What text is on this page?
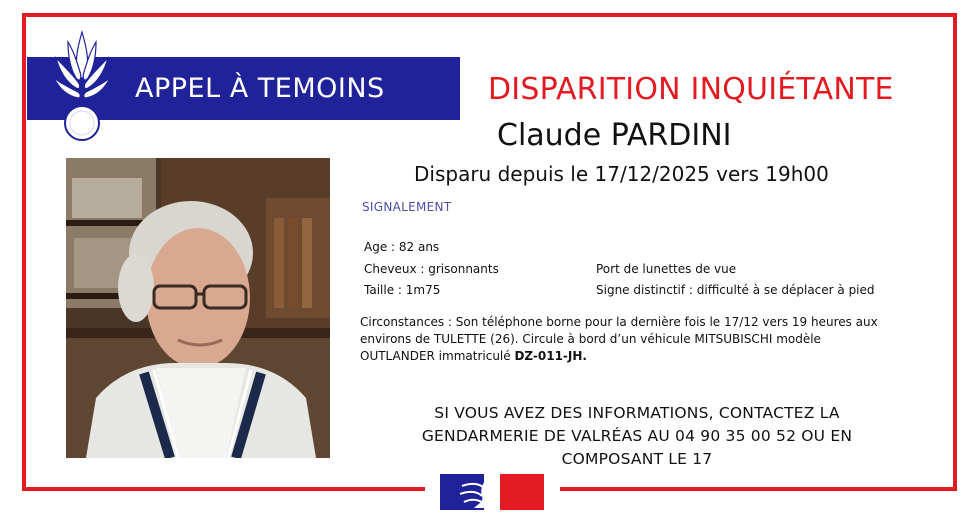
APPEL À TEMOINS	DISPARITION INQUIÉTANTE
Claude PARDINI
Disparu depuis le 17/12/2025 vers 19h00
SIGNALEMENT
Age : 82 ans
Cheveux : grisonnants
Taille : 1m75
Port de lunettes de vue
Signe distinctif : difficulté à se déplacer à pied
Circonstances : Son téléphone borne pour la dernière fois le 17/12 vers 19 heures aux environs de TULETTE (26). Circule à bord d’un véhicule MITSUBISCHI modèle OUTLANDER immatriculé DZ-011-JH.
SI VOUS AVEZ DES INFORMATIONS, CONTACTEZ LA
GENDARMERIE DE VALRÉAS AU 04 90 35 00 52 OU EN
COMPOSANT LE 17
